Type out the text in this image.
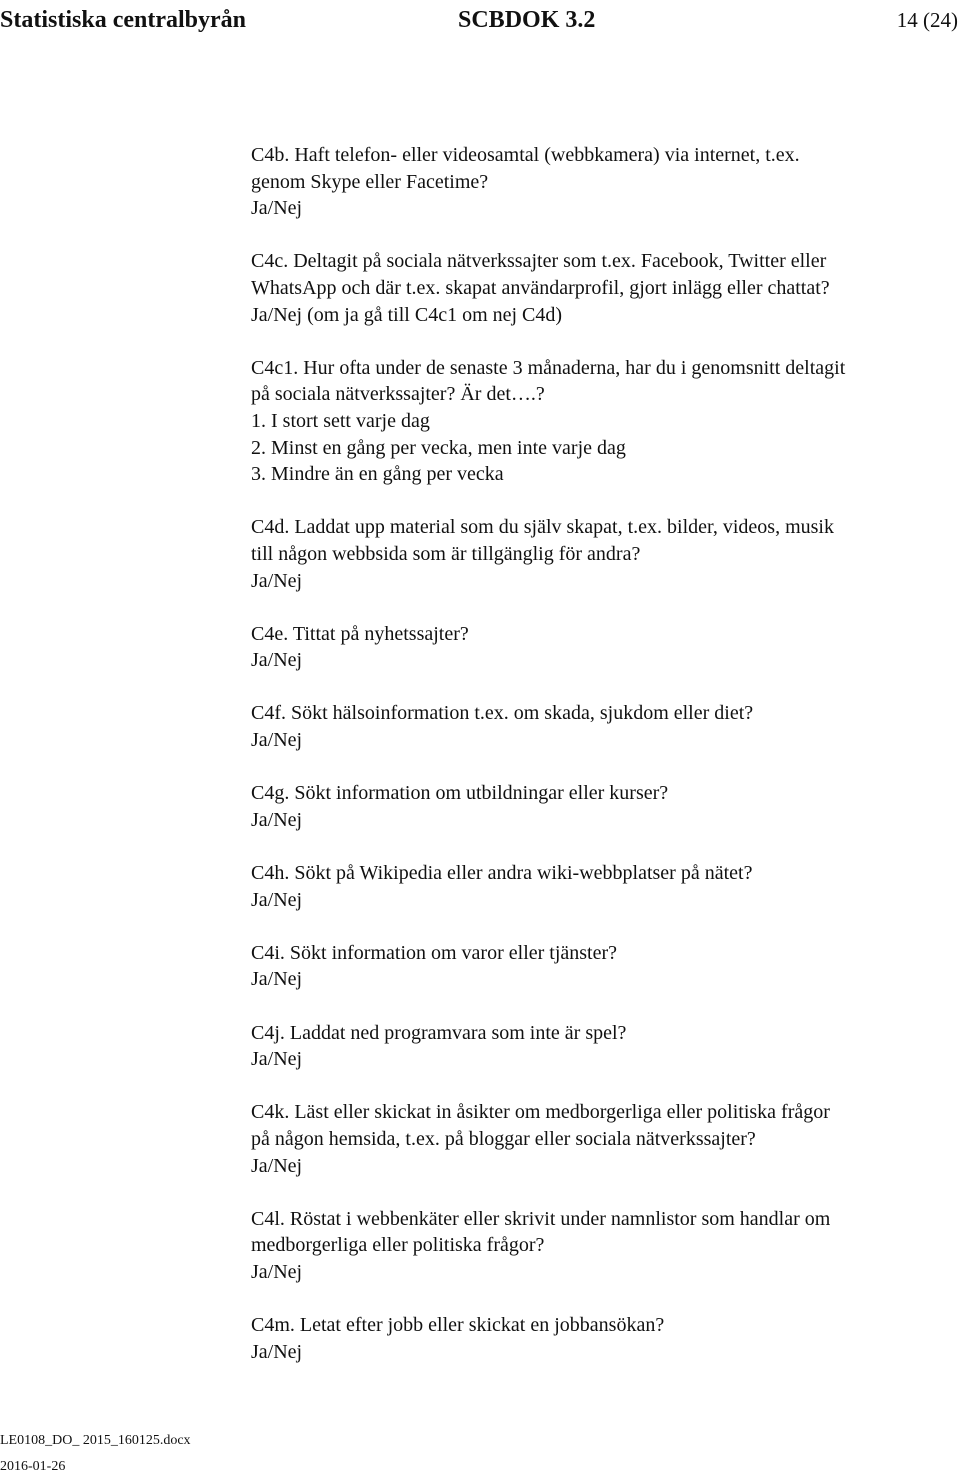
Statistiska centralbyrån	SCBDOK 3.2	14 (24)
C4b. Haft telefon- eller videosamtal (webbkamera) via internet, t.ex.
genom Skype eller Facetime?
Ja/Nej
C4c. Deltagit på sociala nätverkssajter som t.ex. Facebook, Twitter eller
WhatsApp och där t.ex. skapat användarprofil, gjort inlägg eller chattat?
Ja/Nej (om ja gå till C4c1 om nej C4d)
C4c1. Hur ofta under de senaste 3 månaderna, har du i genomsnitt deltagit
på sociala nätverkssajter? Är det….?
1. I stort sett varje dag
2. Minst en gång per vecka, men inte varje dag
3. Mindre än en gång per vecka
C4d. Laddat upp material som du själv skapat, t.ex. bilder, videos, musik
till någon webbsida som är tillgänglig för andra?
Ja/Nej
C4e. Tittat på nyhetssajter?
Ja/Nej
C4f. Sökt hälsoinformation t.ex. om skada, sjukdom eller diet?
Ja/Nej
C4g. Sökt information om utbildningar eller kurser?
Ja/Nej
C4h. Sökt på Wikipedia eller andra wiki-webbplatser på nätet?
Ja/Nej
C4i. Sökt information om varor eller tjänster?
Ja/Nej
C4j. Laddat ned programvara som inte är spel?
Ja/Nej
C4k. Läst eller skickat in åsikter om medborgerliga eller politiska frågor
på någon hemsida, t.ex. på bloggar eller sociala nätverkssajter?
Ja/Nej
C4l. Röstat i webbenkäter eller skrivit under namnlistor som handlar om
medborgerliga eller politiska frågor?
Ja/Nej
C4m. Letat efter jobb eller skickat en jobbansökan?
Ja/Nej
LE0108_DO_ 2015_160125.docx
2016-01-26
